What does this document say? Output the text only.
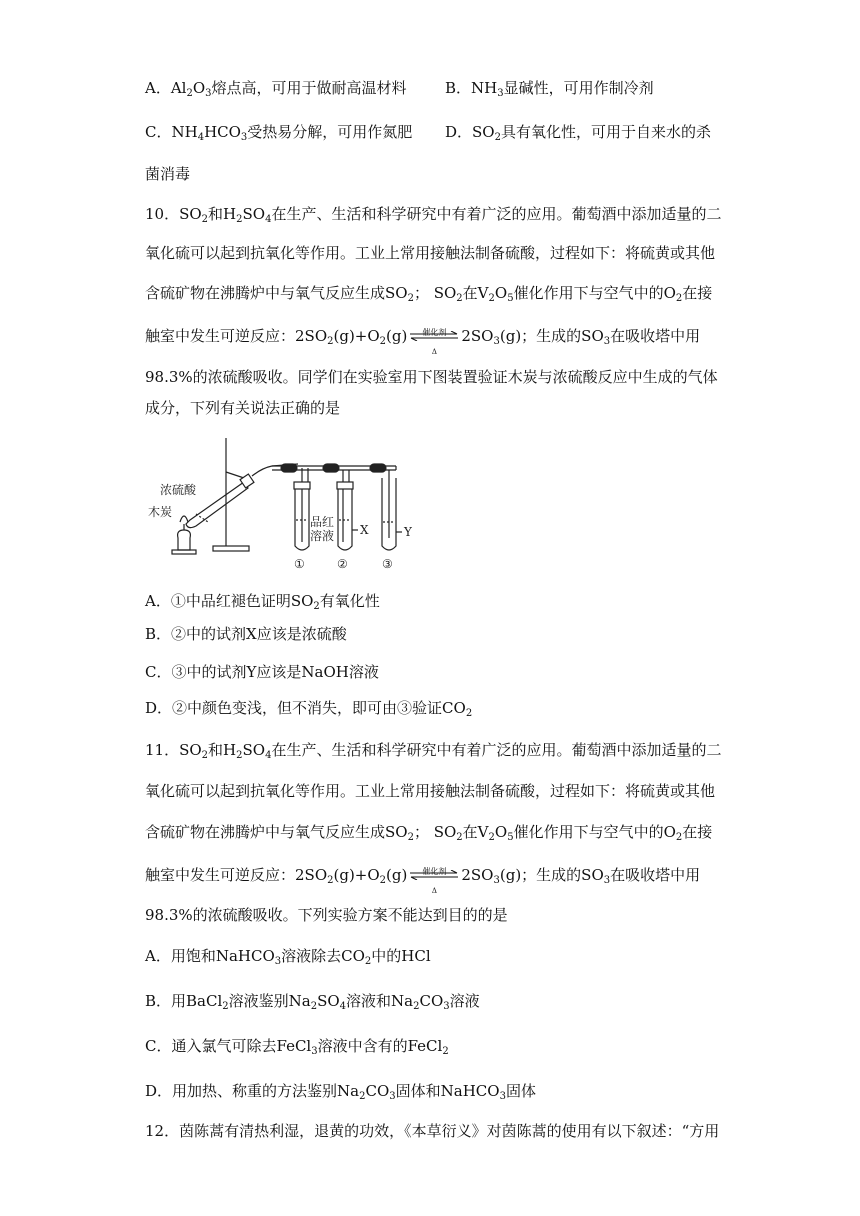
A．$Al_2O_3$熔点高，可用于做耐高温材料	B．$NH_3$显碱性，可用作制冷剂
C．$NH_4HCO_3$受热易分解，可用作氮肥 D．$SO_2$具有氧化性，可用于自来水的杀
菌消毒
10．$SO_2$和$H_2SO_4$在生产、生活和科学研究中有着广泛的应用。葡萄酒中添加适量的二
氧化硫可以起到抗氧化等作用。工业上常用接触法制备硫酸，过程如下：将硫黄或其他
含硫矿物在沸腾炉中与氧气反应生成$SO_2$； $SO_2$在$V_2O_5$催化作用下与空气中的$O_2$在接
触室中发生可逆反应：$2SO_2(g)+O_2(g)$	催化剂
Δ
$2SO_3(g)$；生成的$SO_3$在吸收塔中用
98.3%的浓硫酸吸收。同学们在实验室用下图装置验证木炭与浓硫酸反应中生成的气体
成分，下列有关说法正确的是
浓硫酸
木炭
品红
溶液 X	Y
①	②	③
A．①中品红褪色证明$SO_2$有氧化性
B．②中的试剂X应该是浓硫酸
C．③中的试剂Y应该是NaOH溶液
D．②中颜色变浅，但不消失，即可由③验证$CO_2$
11．$SO_2$和$H_2SO_4$在生产、生活和科学研究中有着广泛的应用。葡萄酒中添加适量的二
氧化硫可以起到抗氧化等作用。工业上常用接触法制备硫酸，过程如下：将硫黄或其他
含硫矿物在沸腾炉中与氧气反应生成$SO_2$； $SO_2$在$V_2O_5$催化作用下与空气中的$O_2$在接
触室中发生可逆反应：$2SO_2(g)+O_2(g)$	催化剂
Δ
$2SO_3(g)$；生成的$SO_3$在吸收塔中用
98.3%的浓硫酸吸收。下列实验方案不能达到目的的是
A．用饱和NaHCO$_3$溶液除去$CO_2$中的HCl
B．用BaCl$_2$溶液鉴别$Na_2SO_4$溶液和$Na_2CO_3$溶液
C．通入氯气可除去FeCl$_3$溶液中含有的FeCl$_2$
D．用加热、称重的方法鉴别$Na_2CO_3$固体和NaHCO$_3$固体
12．茵陈蒿有清热利湿，退黄的功效，《本草衍义》对茵陈蒿的使用有以下叙述：“方用
